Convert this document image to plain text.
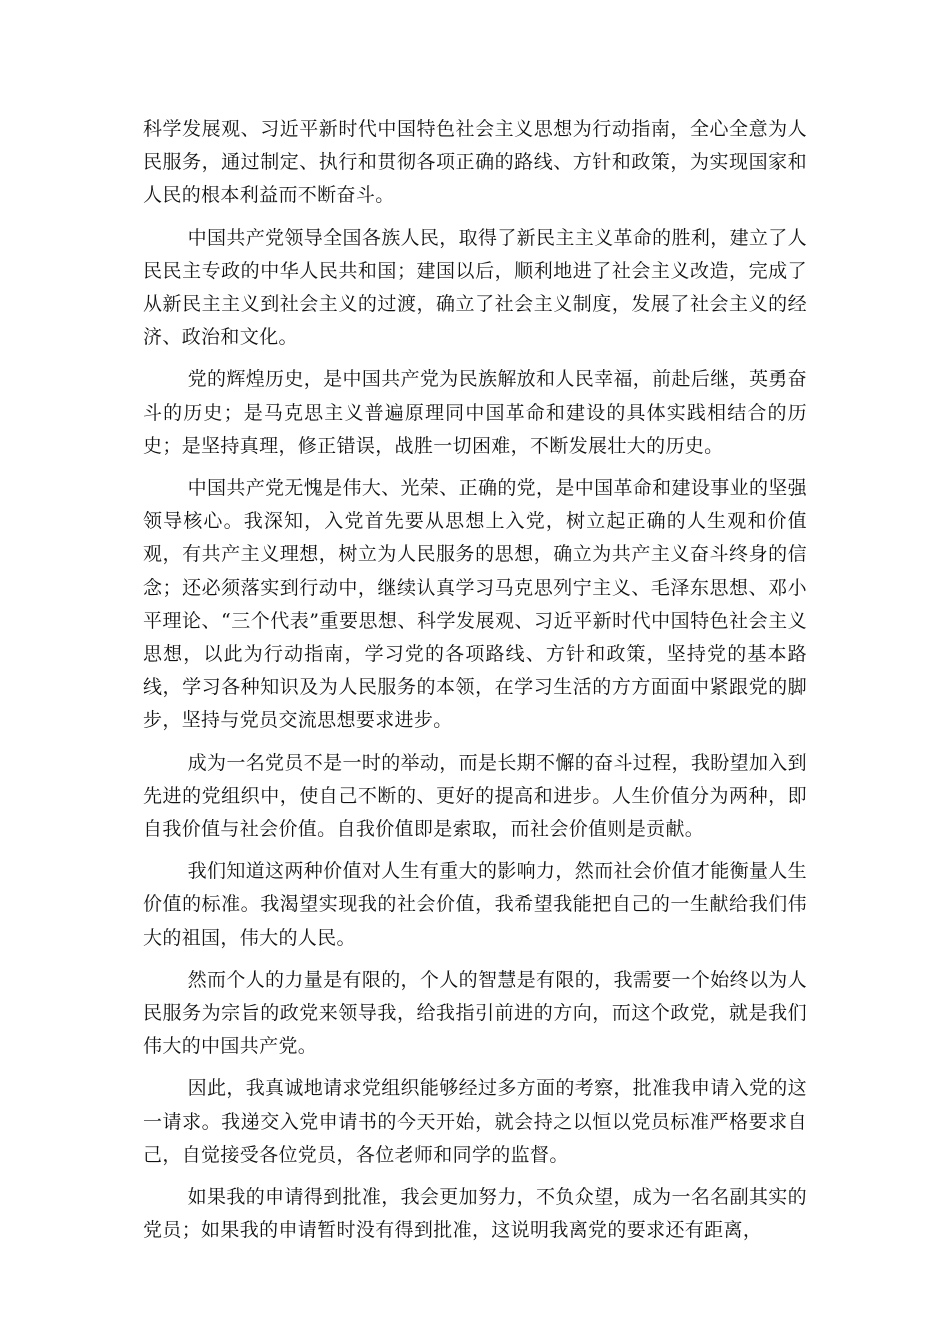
科学发展观、习近平新时代中国特色社会主义思想为行动指南，全心全意为人民服务，通过制定、执行和贯彻各项正确的路线、方针和政策，为实现国家和人民的根本利益而不断奋斗。

中国共产党领导全国各族人民，取得了新民主主义革命的胜利，建立了人民民主专政的中华人民共和国；建国以后，顺利地进了社会主义改造，完成了从新民主主义到社会主义的过渡，确立了社会主义制度，发展了社会主义的经济、政治和文化。

党的辉煌历史，是中国共产党为民族解放和人民幸福，前赴后继，英勇奋斗的历史；是马克思主义普遍原理同中国革命和建设的具体实践相结合的历史；是坚持真理，修正错误，战胜一切困难，不断发展壮大的历史。

中国共产党无愧是伟大、光荣、正确的党，是中国革命和建设事业的坚强领导核心。我深知，入党首先要从思想上入党，树立起正确的人生观和价值观，有共产主义理想，树立为人民服务的思想，确立为共产主义奋斗终身的信念；还必须落实到行动中，继续认真学习马克思列宁主义、毛泽东思想、邓小平理论、“三个代表”重要思想、科学发展观、习近平新时代中国特色社会主义思想，以此为行动指南，学习党的各项路线、方针和政策，坚持党的基本路线，学习各种知识及为人民服务的本领，在学习生活的方方面面中紧跟党的脚步，坚持与党员交流思想要求进步。

成为一名党员不是一时的举动，而是长期不懈的奋斗过程，我盼望加入到先进的党组织中，使自己不断的、更好的提高和进步。人生价值分为两种，即自我价值与社会价值。自我价值即是索取，而社会价值则是贡献。

我们知道这两种价值对人生有重大的影响力，然而社会价值才能衡量人生价值的标准。我渴望实现我的社会价值，我希望我能把自己的一生献给我们伟大的祖国，伟大的人民。

然而个人的力量是有限的，个人的智慧是有限的，我需要一个始终以为人民服务为宗旨的政党来领导我，给我指引前进的方向，而这个政党，就是我们伟大的中国共产党。

因此，我真诚地请求党组织能够经过多方面的考察，批准我申请入党的这一请求。我递交入党申请书的今天开始，就会持之以恒以党员标准严格要求自己，自觉接受各位党员，各位老师和同学的监督。

如果我的申请得到批准，我会更加努力，不负众望，成为一名名副其实的党员；如果我的申请暂时没有得到批准，这说明我离党的要求还有距离，
